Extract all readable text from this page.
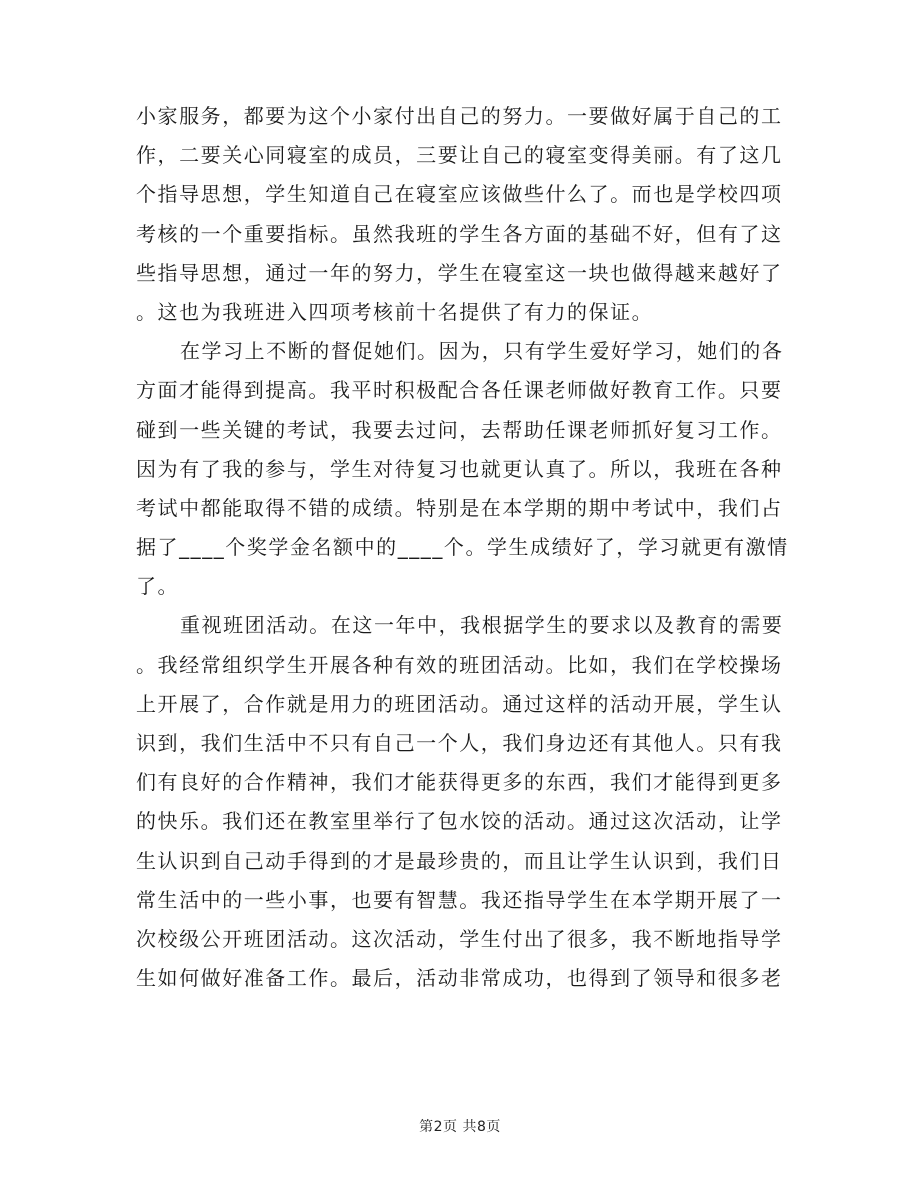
小家服务，都要为这个小家付出自己的努力。一要做好属于自己的工
作，二要关心同寝室的成员，三要让自己的寝室变得美丽。有了这几
个指导思想，学生知道自己在寝室应该做些什么了。而也是学校四项
考核的一个重要指标。虽然我班的学生各方面的基础不好，但有了这
些指导思想，通过一年的努力，学生在寝室这一块也做得越来越好了
。这也为我班进入四项考核前十名提供了有力的保证。
在学习上不断的督促她们。因为，只有学生爱好学习，她们的各
方面才能得到提高。我平时积极配合各任课老师做好教育工作。只要
碰到一些关键的考试，我要去过问，去帮助任课老师抓好复习工作。
因为有了我的参与，学生对待复习也就更认真了。所以，我班在各种
考试中都能取得不错的成绩。特别是在本学期的期中考试中，我们占
据了____个奖学金名额中的____个。学生成绩好了，学习就更有激情
了。
重视班团活动。在这一年中，我根据学生的要求以及教育的需要
。我经常组织学生开展各种有效的班团活动。比如，我们在学校操场
上开展了，合作就是用力的班团活动。通过这样的活动开展，学生认
识到，我们生活中不只有自己一个人，我们身边还有其他人。只有我
们有良好的合作精神，我们才能获得更多的东西，我们才能得到更多
的快乐。我们还在教室里举行了包水饺的活动。通过这次活动，让学
生认识到自己动手得到的才是最珍贵的，而且让学生认识到，我们日
常生活中的一些小事，也要有智慧。我还指导学生在本学期开展了一
次校级公开班团活动。这次活动，学生付出了很多，我不断地指导学
生如何做好准备工作。最后，活动非常成功，也得到了领导和很多老
第2页 共8页
